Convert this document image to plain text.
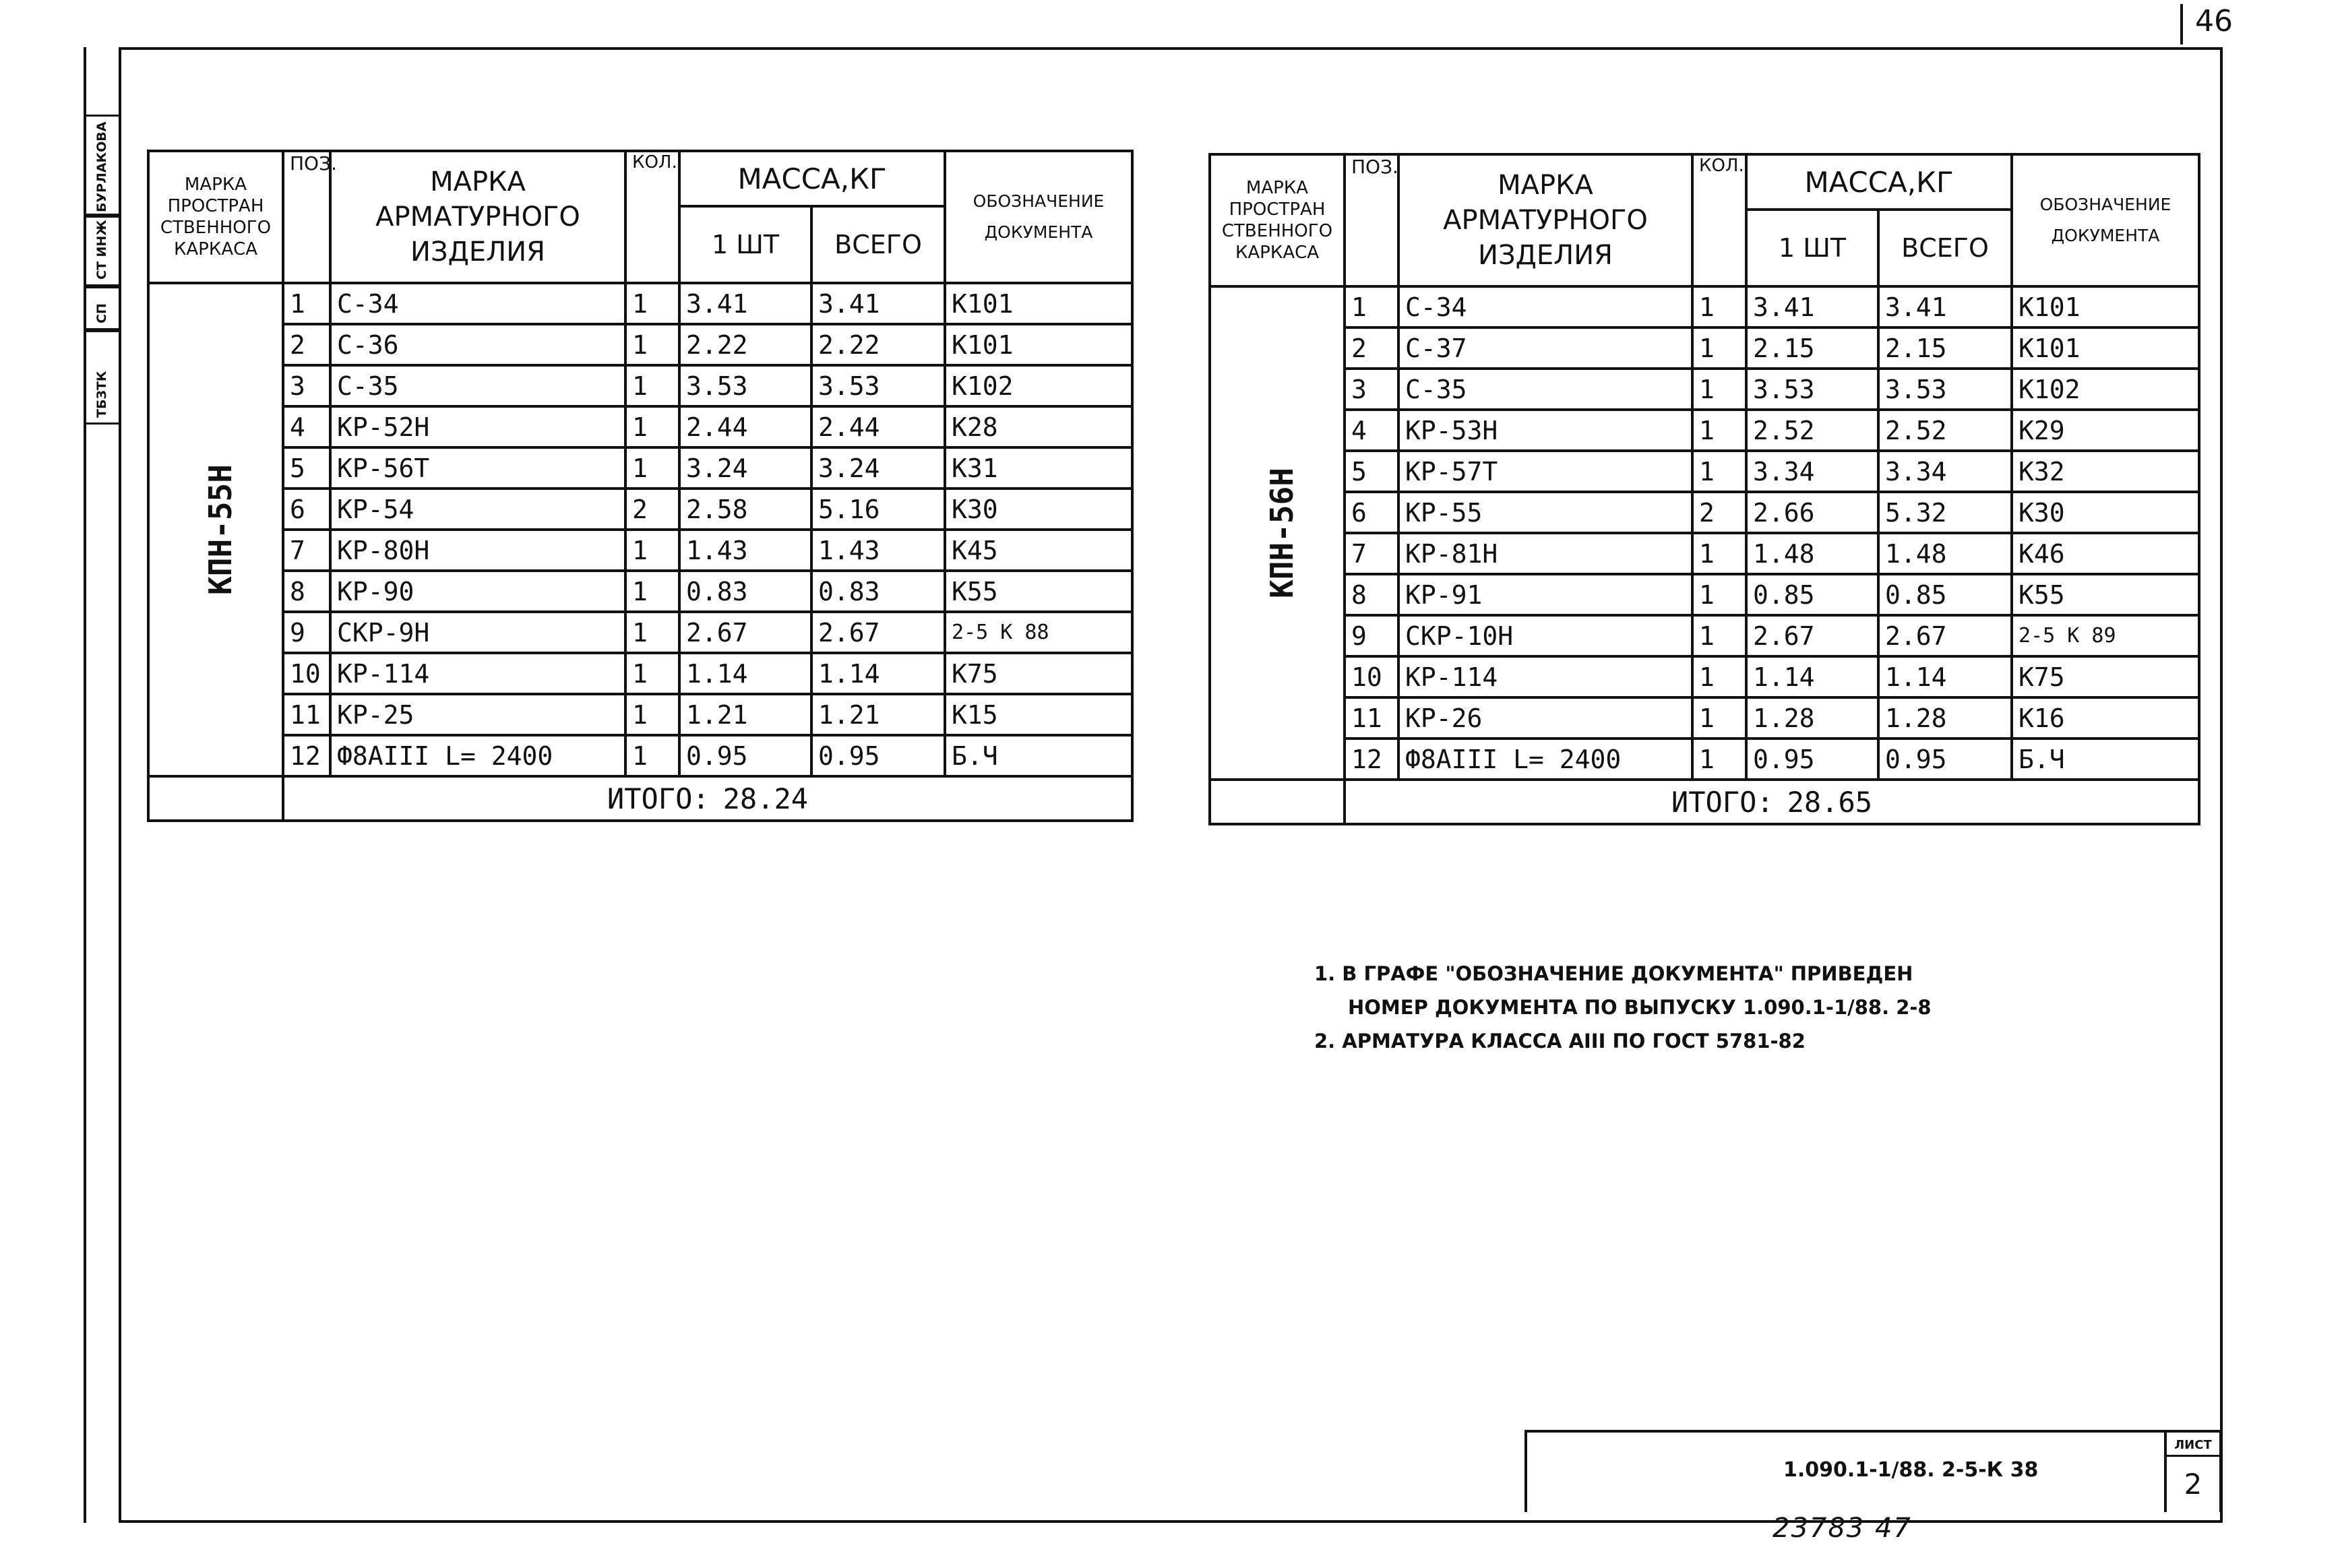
46
БУРЛАКОВА
СТ ИНЖ
СП
ТБЗТК
МАРКА ПРОСТРАН СТВЕННОГО КАРКАСА	ПОЗ.	МАРКА АРМАТУРНОГО ИЗДЕЛИЯ	КОЛ.	МАССА,КГ		ОБОЗНАЧЕНИЕ ДОКУМЕНТА
				1 ШТ	ВСЕГО	
КПН-55Н	1	С-34	1	3.41	3.41	К101
	2	С-36	1	2.22	2.22	К101
	3	С-35	1	3.53	3.53	К102
	4	КР-52Н	1	2.44	2.44	К28
	5	КР-56Т	1	3.24	3.24	К31
	6	КР-54	2	2.58	5.16	К30
	7	КР-80Н	1	1.43	1.43	К45
	8	КР-90	1	0.83	0.83	К55
	9	СКР-9Н	1	2.67	2.67	2-5 К 88
	10	КР-114	1	1.14	1.14	К75
	11	КР-25	1	1.21	1.21	К15
	12	Ф8АIII L= 2400	1	0.95	0.95	Б.Ч
	ИТОГО: 28.24					
МАРКА ПРОСТРАН СТВЕННОГО КАРКАСА	ПОЗ.	МАРКА АРМАТУРНОГО ИЗДЕЛИЯ	КОЛ.	МАССА,КГ		ОБОЗНАЧЕНИЕ ДОКУМЕНТА
				1 ШТ	ВСЕГО	
КПН-56Н	1	С-34	1	3.41	3.41	К101
	2	С-37	1	2.15	2.15	К101
	3	С-35	1	3.53	3.53	К102
	4	КР-53Н	1	2.52	2.52	К29
	5	КР-57Т	1	3.34	3.34	К32
	6	КР-55	2	2.66	5.32	К30
	7	КР-81Н	1	1.48	1.48	К46
	8	КР-91	1	0.85	0.85	К55
	9	СКР-10Н	1	2.67	2.67	2-5 К 89
	10	КР-114	1	1.14	1.14	К75
	11	КР-26	1	1.28	1.28	К16
	12	Ф8АIII L= 2400	1	0.95	0.95	Б.Ч
	ИТОГО: 28.65					
1. В ГРАФЕ "ОБОЗНАЧЕНИЕ ДОКУМЕНТА" ПРИВЕДЕН
НОМЕР ДОКУМЕНТА ПО ВЫПУСКУ 1.090.1-1/88. 2-8
2. АРМАТУРА КЛАССА АIII ПО ГОСТ 5781-82
1.090.1-1/88. 2-5-К 38
ЛИСТ
2
23783 47
